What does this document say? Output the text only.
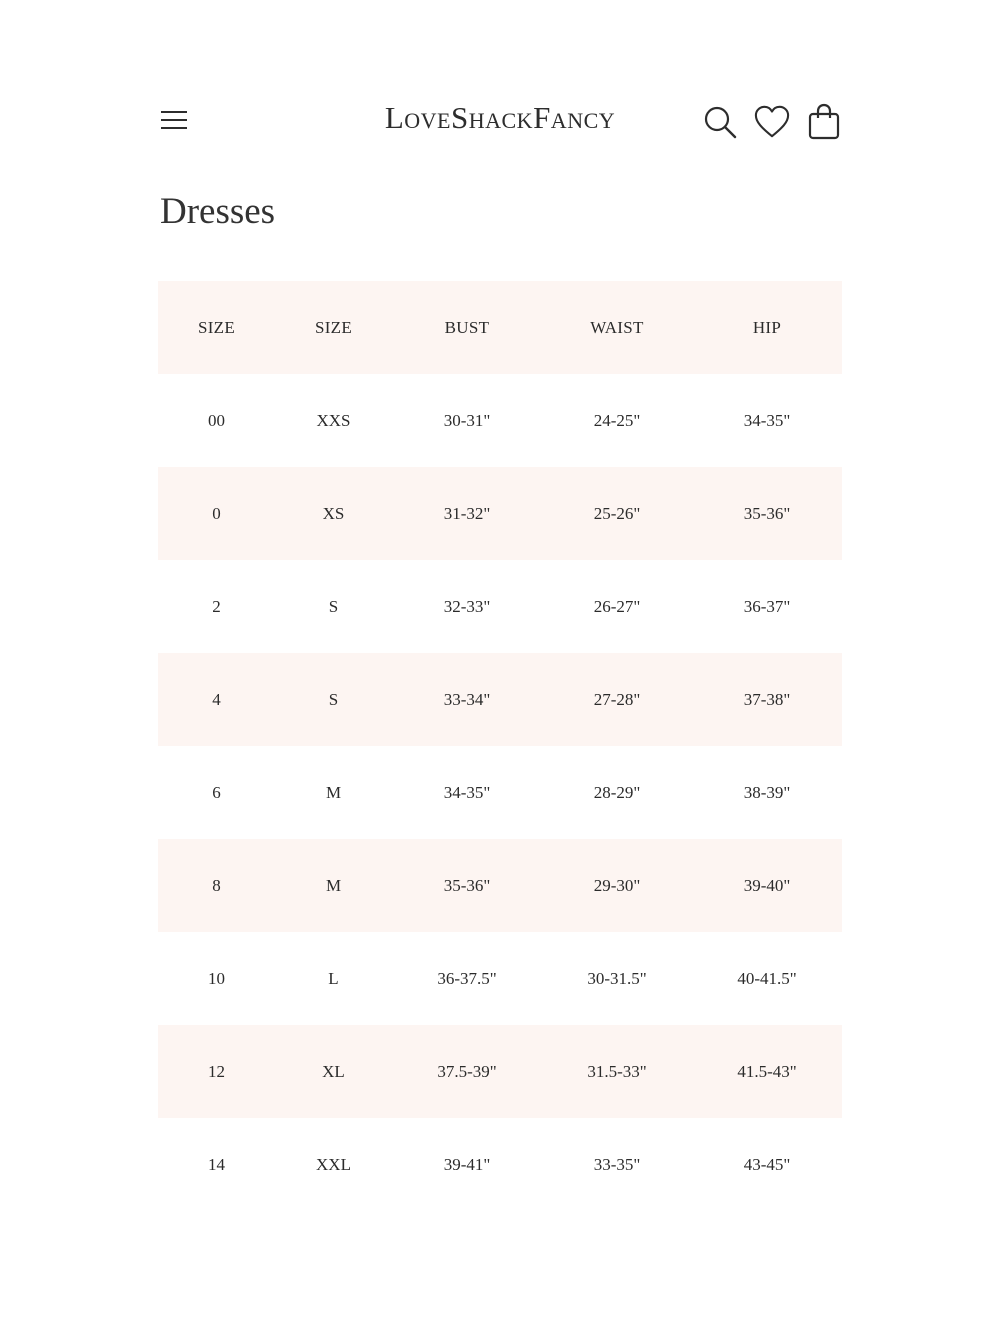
LoveShackFancy
Dresses
SIZE	SIZE	BUST	WAIST	HIP
00	XXS	30-31"	24-25"	34-35"
0	XS	31-32"	25-26"	35-36"
2	S	32-33"	26-27"	36-37"
4	S	33-34"	27-28"	37-38"
6	M	34-35"	28-29"	38-39"
8	M	35-36"	29-30"	39-40"
10	L	36-37.5"	30-31.5"	40-41.5"
12	XL	37.5-39"	31.5-33"	41.5-43"
14	XXL	39-41"	33-35"	43-45"
